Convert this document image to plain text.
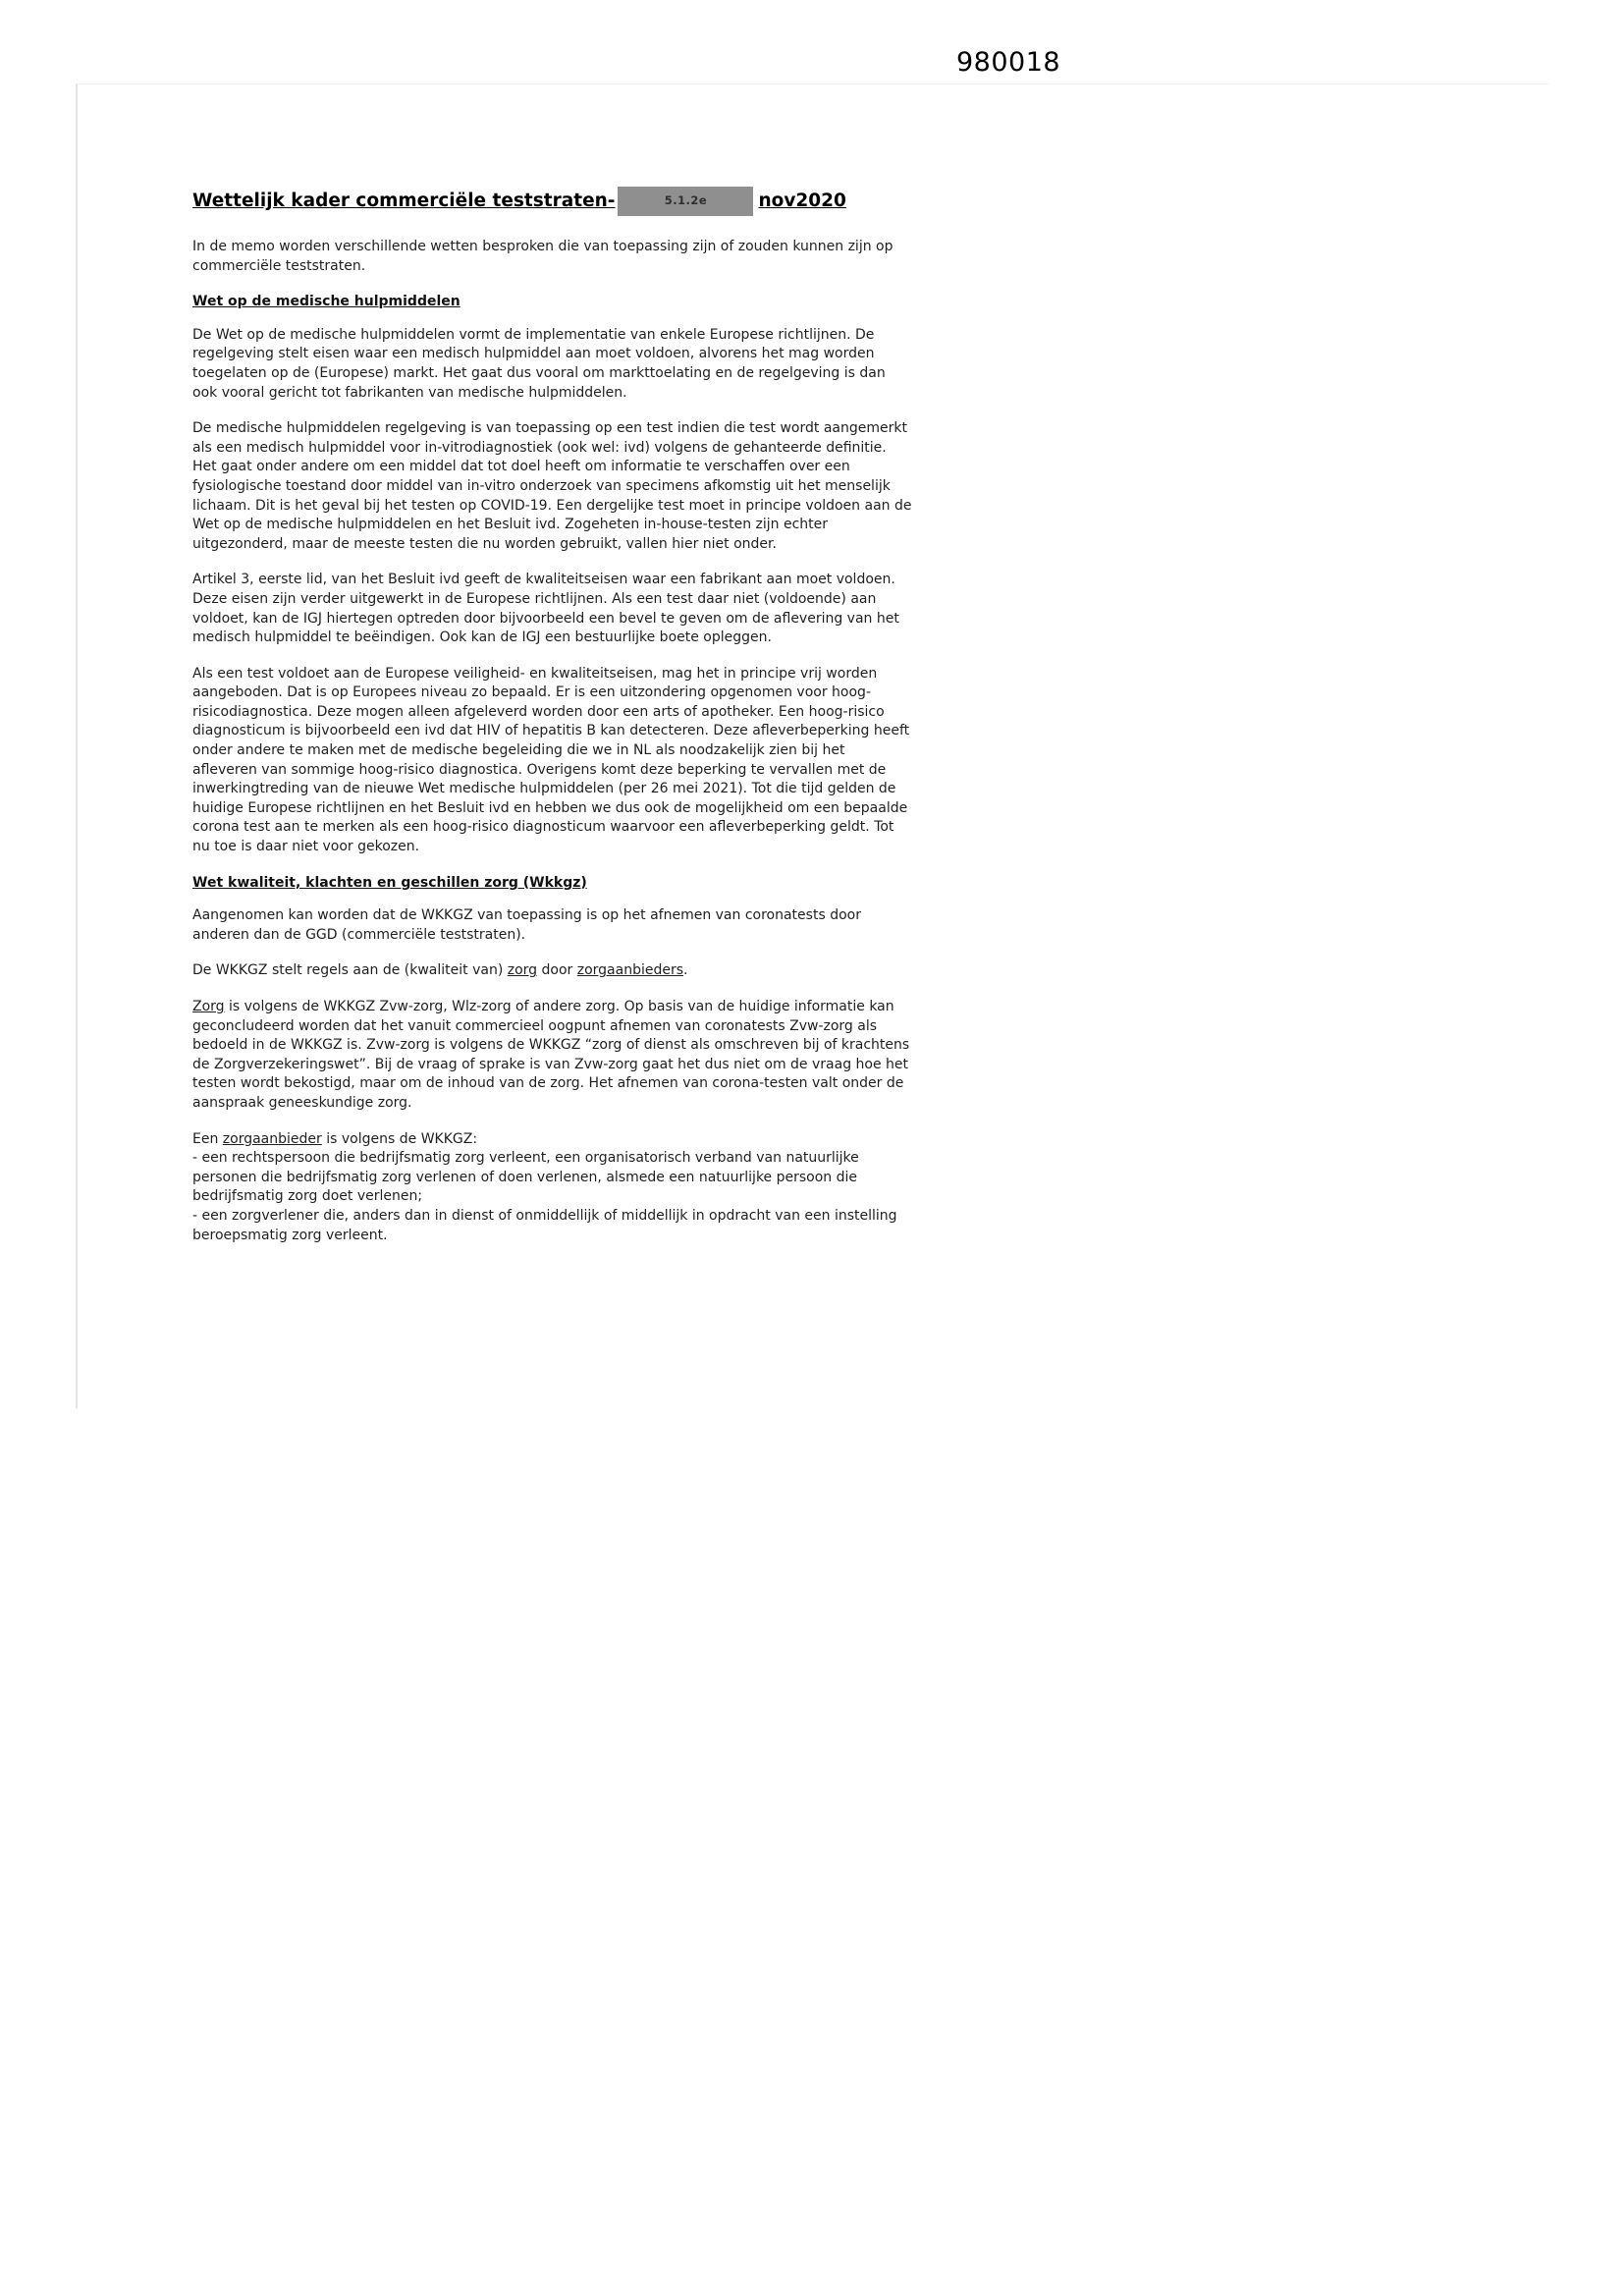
980018
Wettelijk kader commerciële teststraten-	5.1.2e	nov2020

In de memo worden verschillende wetten besproken die van toepassing zijn of zouden kunnen zijn op commerciële teststraten.

Wet op de medische hulpmiddelen

De Wet op de medische hulpmiddelen vormt de implementatie van enkele Europese richtlijnen. De regelgeving stelt eisen waar een medisch hulpmiddel aan moet voldoen, alvorens het mag worden toegelaten op de (Europese) markt. Het gaat dus vooral om markttoelating en de regelgeving is dan ook vooral gericht tot fabrikanten van medische hulpmiddelen.

De medische hulpmiddelen regelgeving is van toepassing op een test indien die test wordt aangemerkt als een medisch hulpmiddel voor in-vitrodiagnostiek (ook wel: ivd) volgens de gehanteerde definitie. Het gaat onder andere om een middel dat tot doel heeft om informatie te verschaffen over een fysiologische toestand door middel van in-vitro onderzoek van specimens afkomstig uit het menselijk lichaam. Dit is het geval bij het testen op COVID-19. Een dergelijke test moet in principe voldoen aan de Wet op de medische hulpmiddelen en het Besluit ivd. Zogeheten in-house-testen zijn echter uitgezonderd, maar de meeste testen die nu worden gebruikt, vallen hier niet onder.

Artikel 3, eerste lid, van het Besluit ivd geeft de kwaliteitseisen waar een fabrikant aan moet voldoen. Deze eisen zijn verder uitgewerkt in de Europese richtlijnen. Als een test daar niet (voldoende) aan voldoet, kan de IGJ hiertegen optreden door bijvoorbeeld een bevel te geven om de aflevering van het medisch hulpmiddel te beëindigen. Ook kan de IGJ een bestuurlijke boete opleggen.

Als een test voldoet aan de Europese veiligheid- en kwaliteitseisen, mag het in principe vrij worden aangeboden. Dat is op Europees niveau zo bepaald. Er is een uitzondering opgenomen voor hoog-risicodiagnostica. Deze mogen alleen afgeleverd worden door een arts of apotheker. Een hoog-risico diagnosticum is bijvoorbeeld een ivd dat HIV of hepatitis B kan detecteren. Deze afleverbeperking heeft onder andere te maken met de medische begeleiding die we in NL als noodzakelijk zien bij het afleveren van sommige hoog-risico diagnostica. Overigens komt deze beperking te vervallen met de inwerkingtreding van de nieuwe Wet medische hulpmiddelen (per 26 mei 2021). Tot die tijd gelden de huidige Europese richtlijnen en het Besluit ivd en hebben we dus ook de mogelijkheid om een bepaalde corona test aan te merken als een hoog-risico diagnosticum waarvoor een afleverbeperking geldt. Tot nu toe is daar niet voor gekozen.

Wet kwaliteit, klachten en geschillen zorg (Wkkgz)

Aangenomen kan worden dat de WKKGZ van toepassing is op het afnemen van coronatests door anderen dan de GGD (commerciële teststraten).

De WKKGZ stelt regels aan de (kwaliteit van) zorg door zorgaanbieders.

Zorg is volgens de WKKGZ Zvw-zorg, Wlz-zorg of andere zorg. Op basis van de huidige informatie kan geconcludeerd worden dat het vanuit commercieel oogpunt afnemen van coronatests Zvw-zorg als bedoeld in de WKKGZ is. Zvw-zorg is volgens de WKKGZ “zorg of dienst als omschreven bij of krachtens de Zorgverzekeringswet”. Bij de vraag of sprake is van Zvw-zorg gaat het dus niet om de vraag hoe het testen wordt bekostigd, maar om de inhoud van de zorg. Het afnemen van corona-testen valt onder de aanspraak geneeskundige zorg.

Een zorgaanbieder is volgens de WKKGZ:
- een rechtspersoon die bedrijfsmatig zorg verleent, een organisatorisch verband van natuurlijke personen die bedrijfsmatig zorg verlenen of doen verlenen, alsmede een natuurlijke persoon die bedrijfsmatig zorg doet verlenen;
- een zorgverlener die, anders dan in dienst of onmiddellijk of middellijk in opdracht van een instelling beroepsmatig zorg verleent.
